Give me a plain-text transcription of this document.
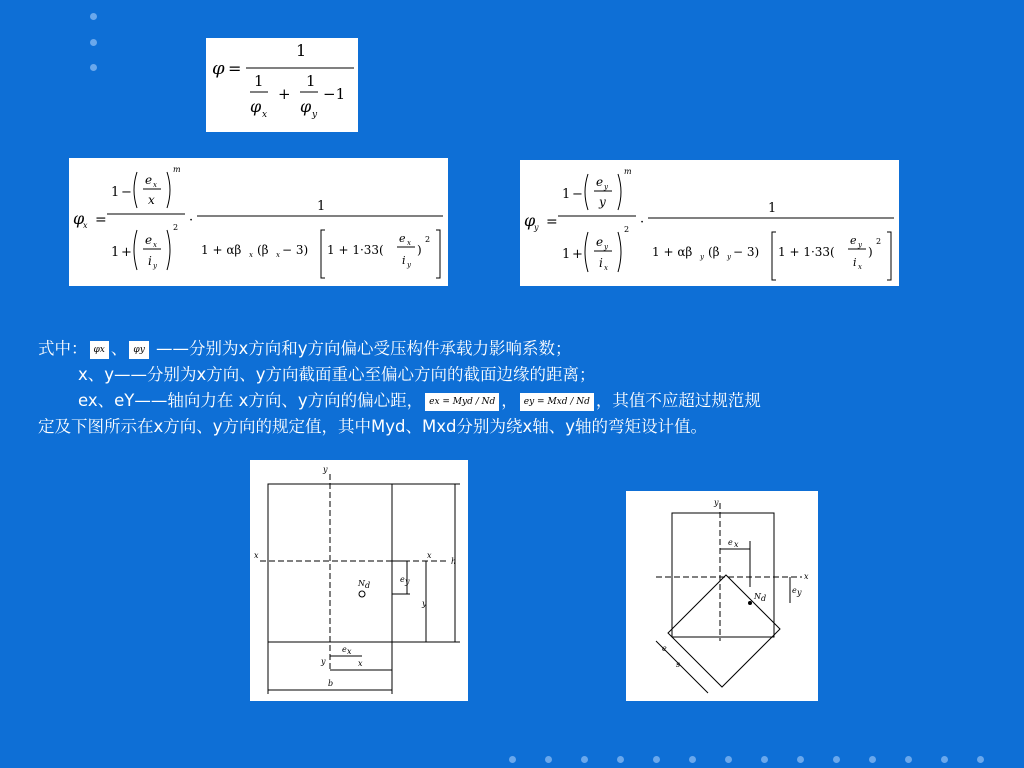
φ =
1
1
φ x
+
1
φ y
−1
φ
x =
1 −
e x
x
m
1 +
e x
i y
2 ·
1
1 + αβ x (β x − 3) 1 + 1·33(
e x
i y
)
2
φ
y =
1 −
e y
y
m
1 +
e y
i x
2 ·
1
1 + αβ y (β y − 3) 1 + 1·33(
e y
i x
)
2

式中： φx 、 φy ——分别为x方向和y方向偏心受压构件承载力影响系数；

x、y——分别为x方向、y方向截面重心至偏心方向的截面边缘的距离；

ex、eY——轴向力在 x方向、y方向的偏心距， ex = Myd / Nd ， ey = Mxd / Nd ，其值不应超过规范规

定及下图所示在x方向、y方向的规定值，其中Myd、Mxd分别为绕x轴、y轴的弯矩设计值。

y
x	x
N d
e y
y
h
e x
y	x
b
y
x
e x
e y
N d
e
s
